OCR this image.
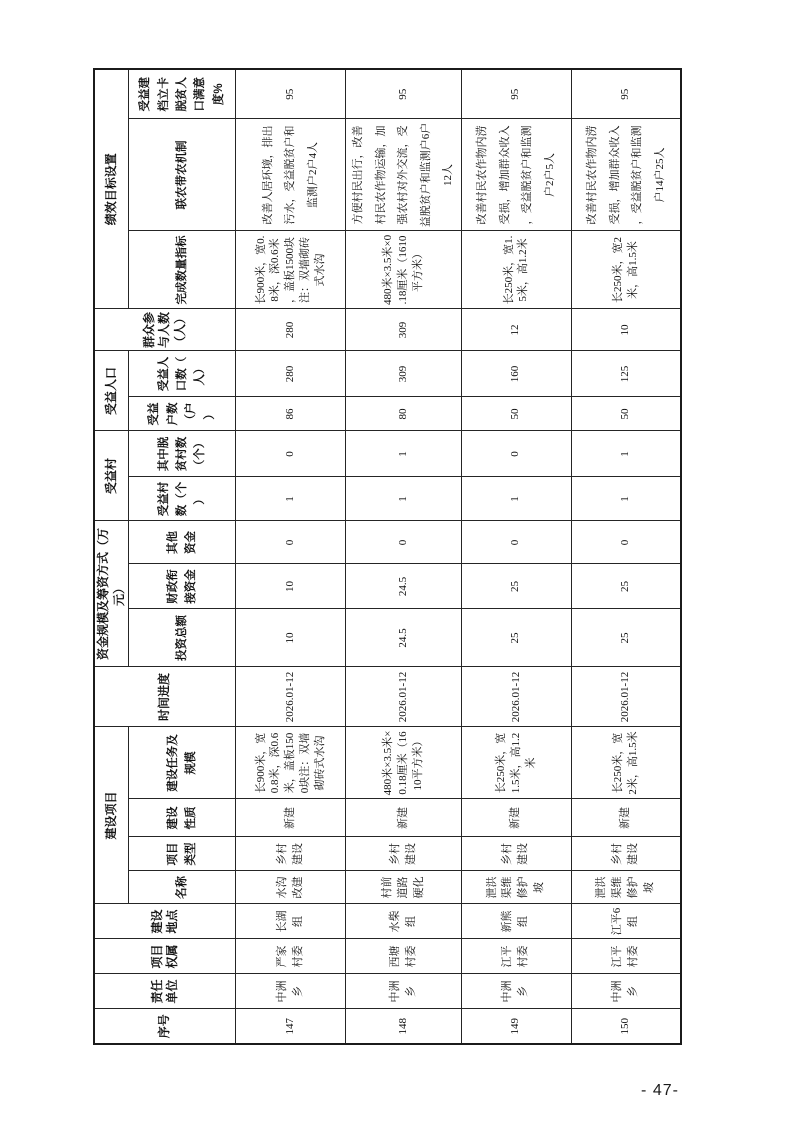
序号	责任单位	项目权属	建设地点	建设项目				时间进度	资金规模及筹资方式（万元）			受益村		受益人口		群众参与人数（人）	绩效目标设置		
				名称	项目类型	建设性质	建设任务及规模		投资总额	财政衔接资金	其他资金	受益村数（个）	其中脱贫村数（个）	受益户数（户）	受益人口数（人）		完成数量指标	联农带农机制	受益建档立卡脱贫人口满意度%
147	中洲乡	严家村委	长湖组	水沟改建	乡村建设	新建	长900米，宽0.8米，深0.6米，盖板1500块注：双墙砌砖式水沟	2026.01-12	10	10	0	1	0	86	280	280	长900米，宽0.8米，深0.6米，盖板1500块 注：双墙砌砖式水沟	改善人居环境，排出污水，受益脱贫户和监测户2户4人	95
148	中洲乡	西塘村委	水柴组	村前道路硬化	乡村建设	新建	480米×3.5米×0.18厘米（1610平方米）	2026.01-12	24.5	24.5	0	1	1	80	309	309	480米×3.5米×0.18厘米（1610平方米）	方便村民出行，改善村民农作物运输，加强农村对外交流，受益脱贫户和监测户6户12人	95
149	中洲乡	江平村委	新熊组	泄洪渠维修护坡	乡村建设	新建	长250米，宽1.5米，高1.2米	2026.01-12	25	25	0	1	0	50	160	12	长250米，宽1.5米，高1.2米	改善村民农作物内涝受损，增加群众收入，受益脱贫户和监测户2户5人	95
150	中洲乡	江平村委	江平6组	泄洪渠维修护坡	乡村建设	新建	长250米，宽2米，高1.5米	2026.01-12	25	25	0	1	1	50	125	10	长250米，宽2米，高1.5米	改善村民农作物内涝受损，增加群众收入，受益脱贫户和监测户14户25人	95
- 47-
